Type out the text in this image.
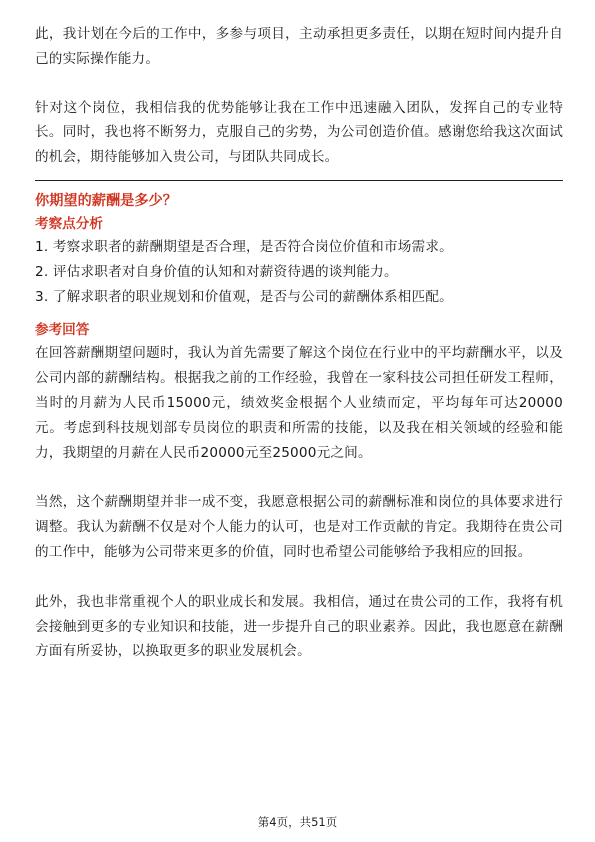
此，我计划在今后的工作中，多参与项目，主动承担更多责任，以期在短时间内提升自己的实际操作能力。

针对这个岗位，我相信我的优势能够让我在工作中迅速融入团队，发挥自己的专业特长。同时，我也将不断努力，克服自己的劣势，为公司创造价值。感谢您给我这次面试的机会，期待能够加入贵公司，与团队共同成长。

你期望的薪酬是多少？

考察点分析

1. 考察求职者的薪酬期望是否合理，是否符合岗位价值和市场需求。

2. 评估求职者对自身价值的认知和对薪资待遇的谈判能力。

3. 了解求职者的职业规划和价值观，是否与公司的薪酬体系相匹配。

参考回答

在回答薪酬期望问题时，我认为首先需要了解这个岗位在行业中的平均薪酬水平，以及公司内部的薪酬结构。根据我之前的工作经验，我曾在一家科技公司担任研发工程师，当时的月薪为人民币15000元，绩效奖金根据个人业绩而定，平均每年可达20000元。考虑到科技规划部专员岗位的职责和所需的技能，以及我在相关领域的经验和能力，我期望的月薪在人民币20000元至25000元之间。

当然，这个薪酬期望并非一成不变，我愿意根据公司的薪酬标准和岗位的具体要求进行调整。我认为薪酬不仅是对个人能力的认可，也是对工作贡献的肯定。我期待在贵公司的工作中，能够为公司带来更多的价值，同时也希望公司能够给予我相应的回报。

此外，我也非常重视个人的职业成长和发展。我相信，通过在贵公司的工作，我将有机会接触到更多的专业知识和技能，进一步提升自己的职业素养。因此，我也愿意在薪酬方面有所妥协，以换取更多的职业发展机会。

第4页，共51页
